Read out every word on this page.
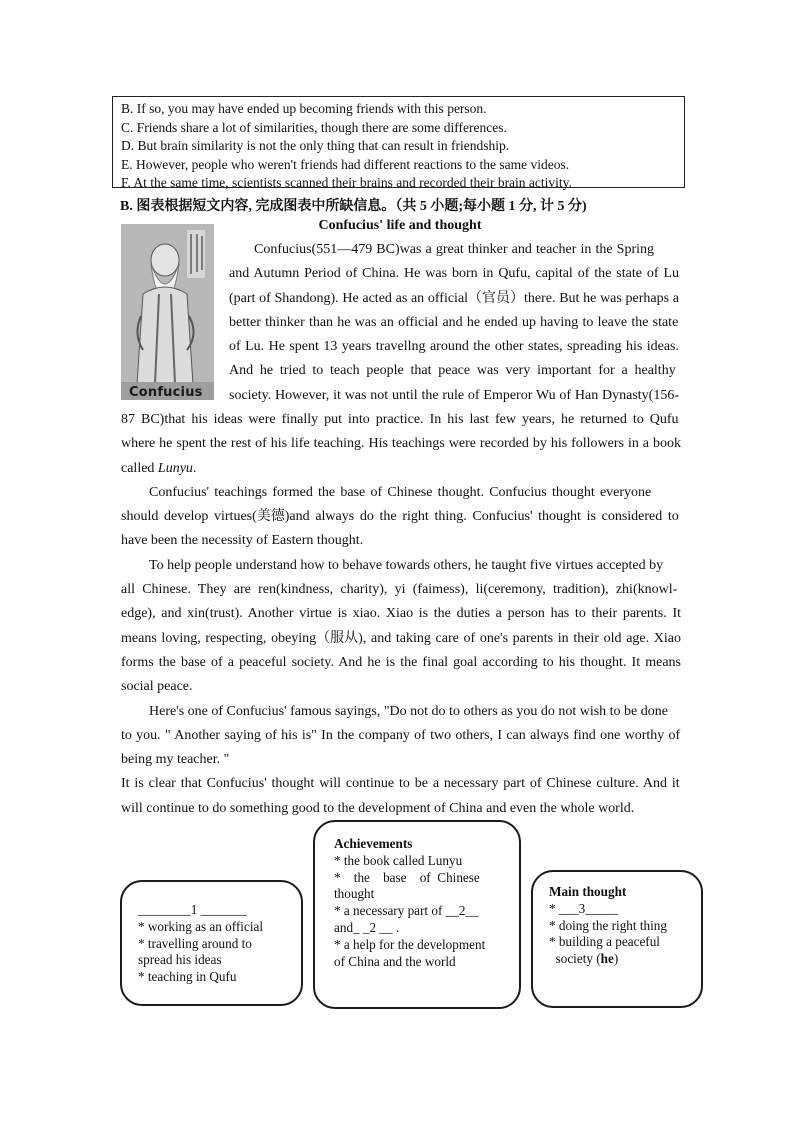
B. If so, you may have ended up becoming friends with this person.
C. Friends share a lot of similarities, though there are some differences.
D. But brain similarity is not the only thing that can result in friendship.
E. However, people who weren't friends had different reactions to the same videos.
F. At the same time, scientists scanned their brains and recorded their brain activity.
B. 图表根据短文内容, 完成图表中所缺信息。（共 5 小题;每小题 1 分, 计 5 分)
Confucius' life and thought
Confucius
Confucius(551—479 BC)was a great thinker and teacher in the Spring
and Autumn Period of China. He was born in Qufu, capital of the state of Lu
(part of Shandong). He acted as an official（官员）there. But he was perhaps a
better thinker than he was an official and he ended up having to leave the state
of Lu. He spent 13 years travellng around the other states, spreading his ideas.
And he tried to teach people that peace was very important for a healthy
society. However, it was not until the rule of Emperor Wu of Han Dynasty(156-
87 BC)that his ideas were finally put into practice. In his last few years, he returned to Qufu
where he spent the rest of his life teaching. His teachings were recorded by his followers in a book
called Lunyu.
Confucius' teachings formed the base of Chinese thought. Confucius thought everyone
should develop virtues(美德)and always do the right thing. Confucius' thought is considered to
have been the necessity of Eastern thought.
To help people understand how to behave towards others, he taught five virtues accepted by
all Chinese. They are ren(kindness, charity), yi (faimess), li(ceremony, tradition), zhi(knowl-
edge), and xin(trust). Another virtue is xiao. Xiao is the duties a person has to their parents. It
means loving, respecting, obeying（服从), and taking care of one's parents in their old age. Xiao
forms the base of a peaceful society. And he is the final goal according to his thought. It means
social peace.
Here's one of Confucius' famous sayings, "Do not do to others as you do not wish to be done
to you. " Another saying of his is" In the company of two others, I can always find one worthy of
being my teacher. "
It is clear that Confucius' thought will continue to be a necessary part of Chinese culture. And it
will continue to do something good to the development of China and even the whole world.
________1 _______
* working as an official
* travelling around to
spread his ideas
* teaching in Qufu
Achievements
* the book called Lunyu
*    the    base    of  Chinese
thought
* a necessary part of __2__
and_ _2 __ .
* a help for the development
of China and the world
Main thought
* ___3_____
* doing the right thing
* building a peaceful
society (he)
